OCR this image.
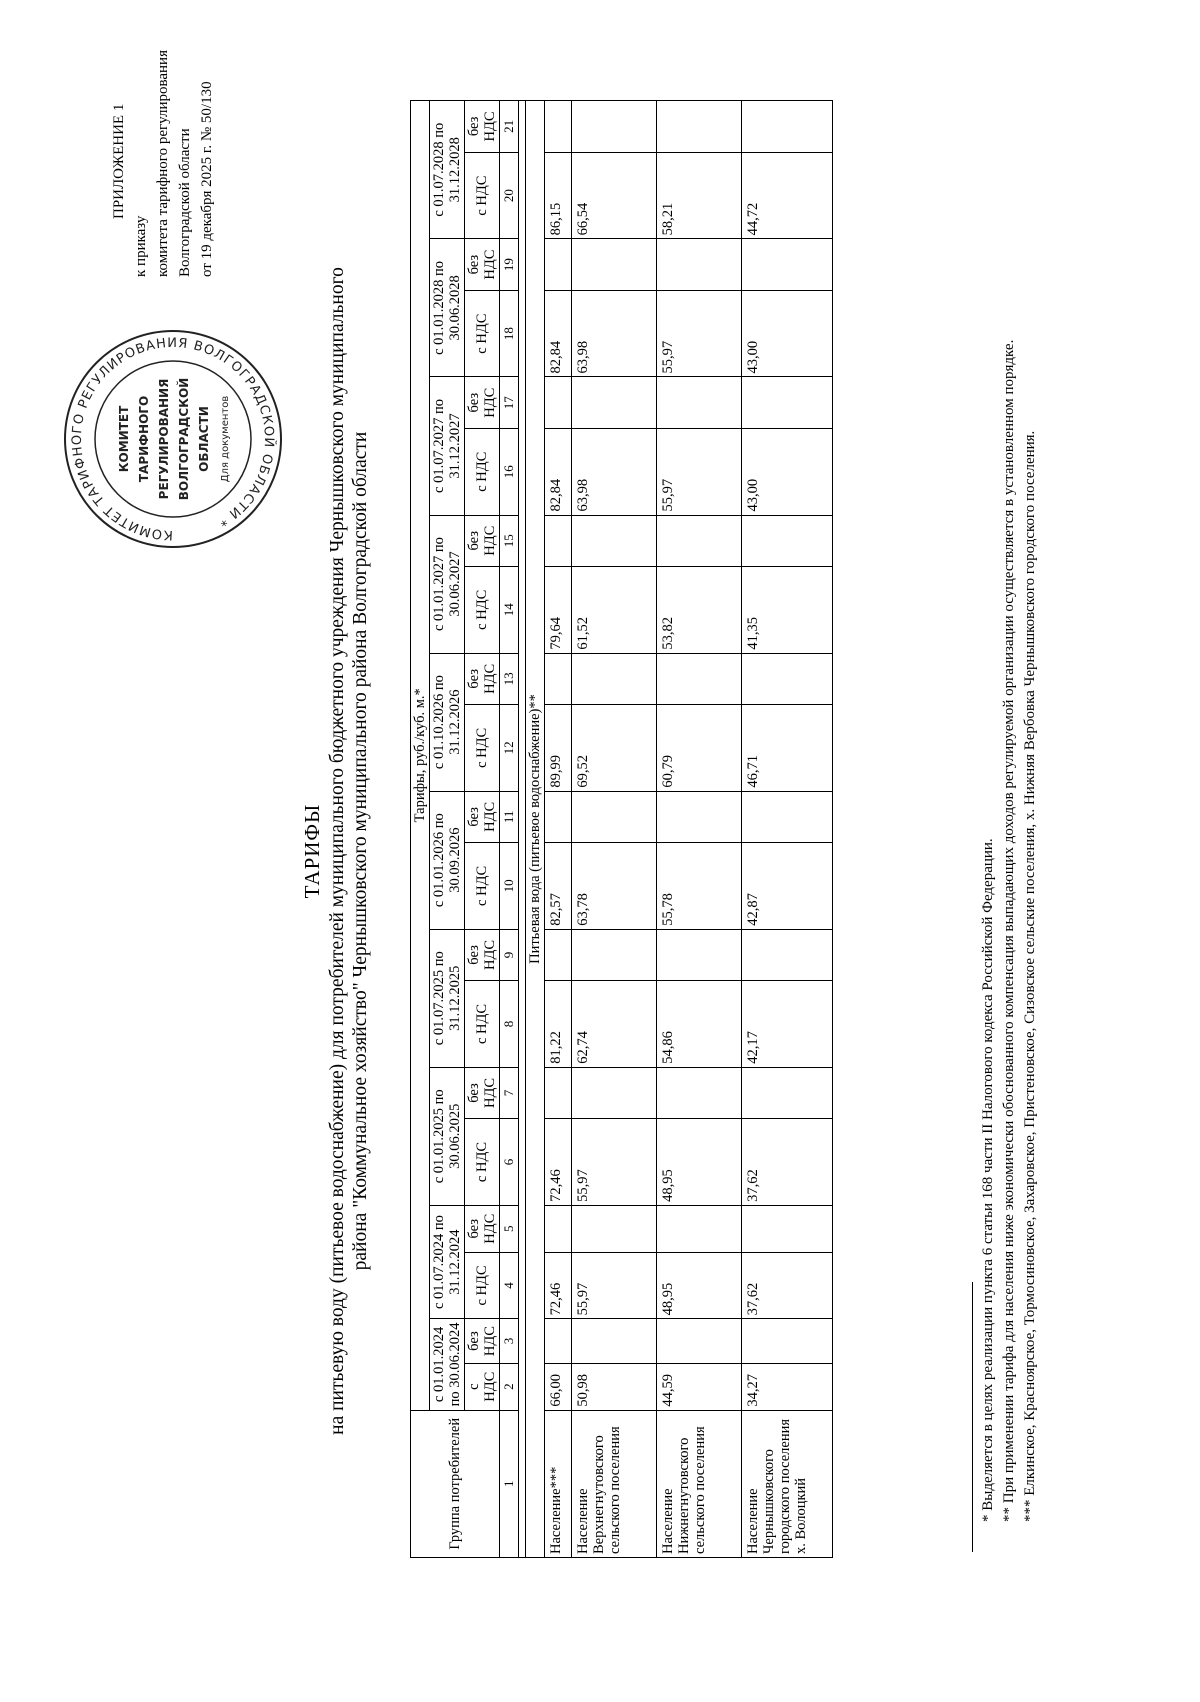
КОМИТЕТ ТАРИФНОГО РЕГУЛИРОВАНИЯ ВОЛГОГРАДСКОЙ ОБЛАСТИ *
КОМИТЕТ ТАРИФНОГО РЕГУЛИРОВАНИЯ ВОЛГОГРАДСКОЙ ОБЛАСТИ Для документов
ПРИЛОЖЕНИЕ 1
к приказу комитета тарифного регулирования Волгоградской области от 19 декабря 2025 г. № 50/130
ТАРИФЫ на питьевую воду (питьевое водоснабжение) для потребителей муниципального бюджетного учреждения Чернышковского муниципального района "Коммунальное хозяйство" Чернышковского муниципального района Волгоградской области
Группа потребителей	Тарифы, руб./куб. м.*																			
	с 01.01.2024 по 30.06.2024		с 01.07.2024 по 31.12.2024		с 01.01.2025 по 30.06.2025		с 01.07.2025 по 31.12.2025		с 01.01.2026 по 30.09.2026		с 01.10.2026 по 31.12.2026		с 01.01.2027 по 30.06.2027		с 01.07.2027 по 31.12.2027		с 01.01.2028 по 30.06.2028		с 01.07.2028 по 31.12.2028	
	с НДС	без НДС	с НДС	без НДС	с НДС	без НДС	с НДС	без НДС	с НДС	без НДС	с НДС	без НДС	с НДС	без НДС	с НДС	без НДС	с НДС	без НДС	с НДС	без НДС
1	2	3	4	5	6	7	8	9	10	11	12	13	14	15	16	17	18	19	20	21

Питьевая вода (питьевое водоснабжение)**																				
Население***	66,00		72,46		72,46		81,22		82,57		89,99		79,64		82,84		82,84		86,15	
Население Верхнегнутовского сельского поселения	50,98		55,97		55,97		62,74		63,78		69,52		61,52		63,98		63,98		66,54	
Население Нижнегнутовского сельского поселения	44,59		48,95		48,95		54,86		55,78		60,79		53,82		55,97		55,97		58,21	
Население Чернышковского городского поселения х. Волоцкий	34,27		37,62		37,62		42,17		42,87		46,71		41,35		43,00		43,00		44,72	

* Выделяется в целях реализации пункта 6 статьи 168 части II Налогового кодекса Российской Федерации. ** При применении тарифа для населения ниже экономически обоснованного компенсация выпадающих доходов регулируемой организации осуществляется в установленном порядке. *** Елкинское, Красноярское, Тормосиновское, Захаровское, Пристеновское, Сизовское сельские поселения, х. Нижняя Вербовка Чернышковского городского поселения.
